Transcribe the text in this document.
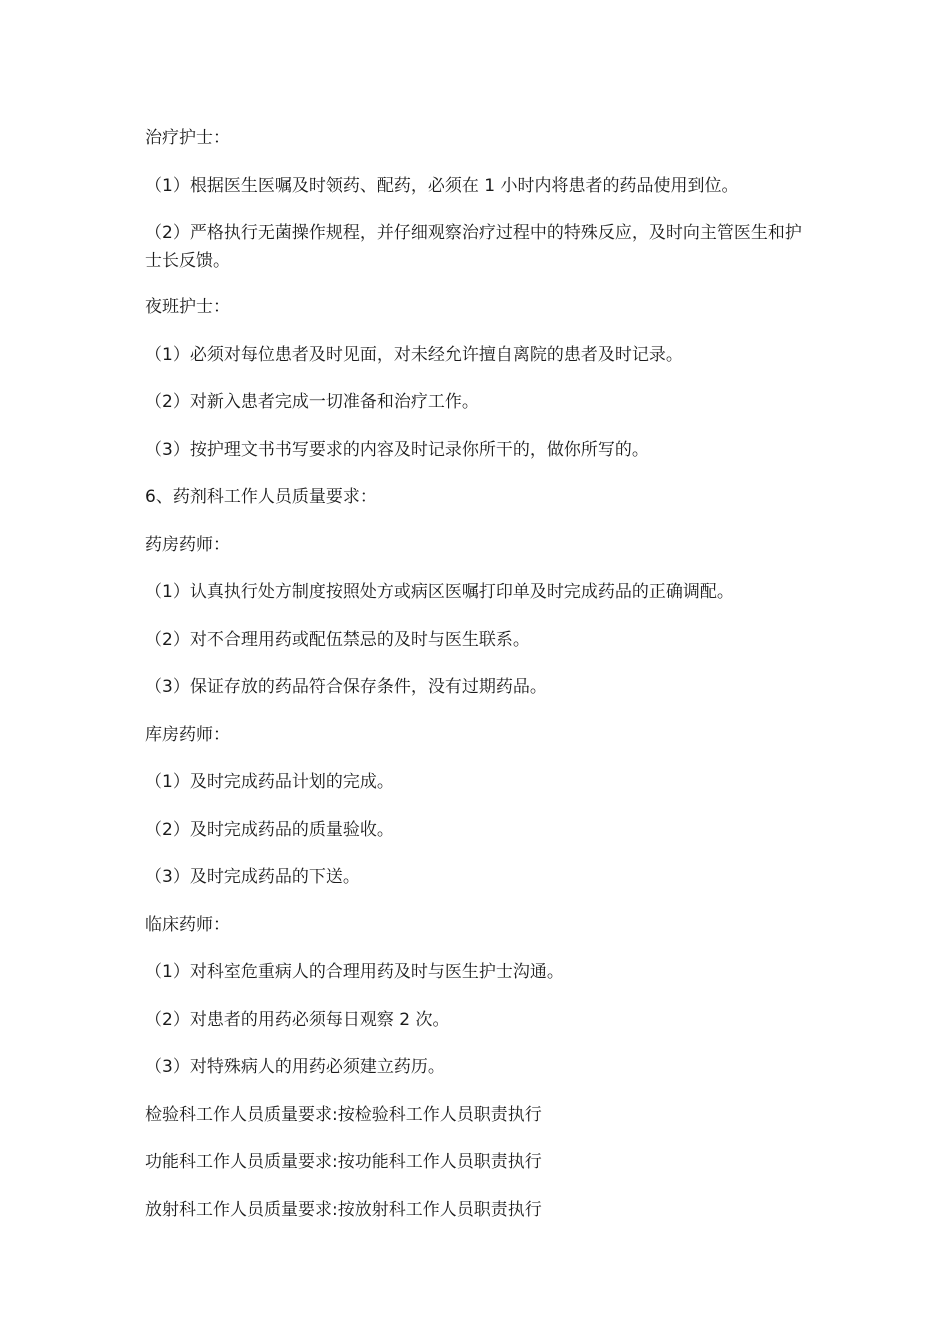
治疗护士：

（1）根据医生医嘱及时领药、配药，必须在 1 小时内将患者的药品使用到位。

（2）严格执行无菌操作规程，并仔细观察治疗过程中的特殊反应，及时向主管医生和护士长反馈。

夜班护士：

（1）必须对每位患者及时见面，对未经允许擅自离院的患者及时记录。

（2）对新入患者完成一切准备和治疗工作。

（3）按护理文书书写要求的内容及时记录你所干的，做你所写的。

6、药剂科工作人员质量要求：

药房药师：

（1）认真执行处方制度按照处方或病区医嘱打印单及时完成药品的正确调配。

（2）对不合理用药或配伍禁忌的及时与医生联系。

（3）保证存放的药品符合保存条件，没有过期药品。

库房药师：

（1）及时完成药品计划的完成。

（2）及时完成药品的质量验收。

（3）及时完成药品的下送。

临床药师：

（1）对科室危重病人的合理用药及时与医生护士沟通。

（2）对患者的用药必须每日观察 2 次。

（3）对特殊病人的用药必须建立药历。

检验科工作人员质量要求:按检验科工作人员职责执行

功能科工作人员质量要求:按功能科工作人员职责执行

放射科工作人员质量要求:按放射科工作人员职责执行
